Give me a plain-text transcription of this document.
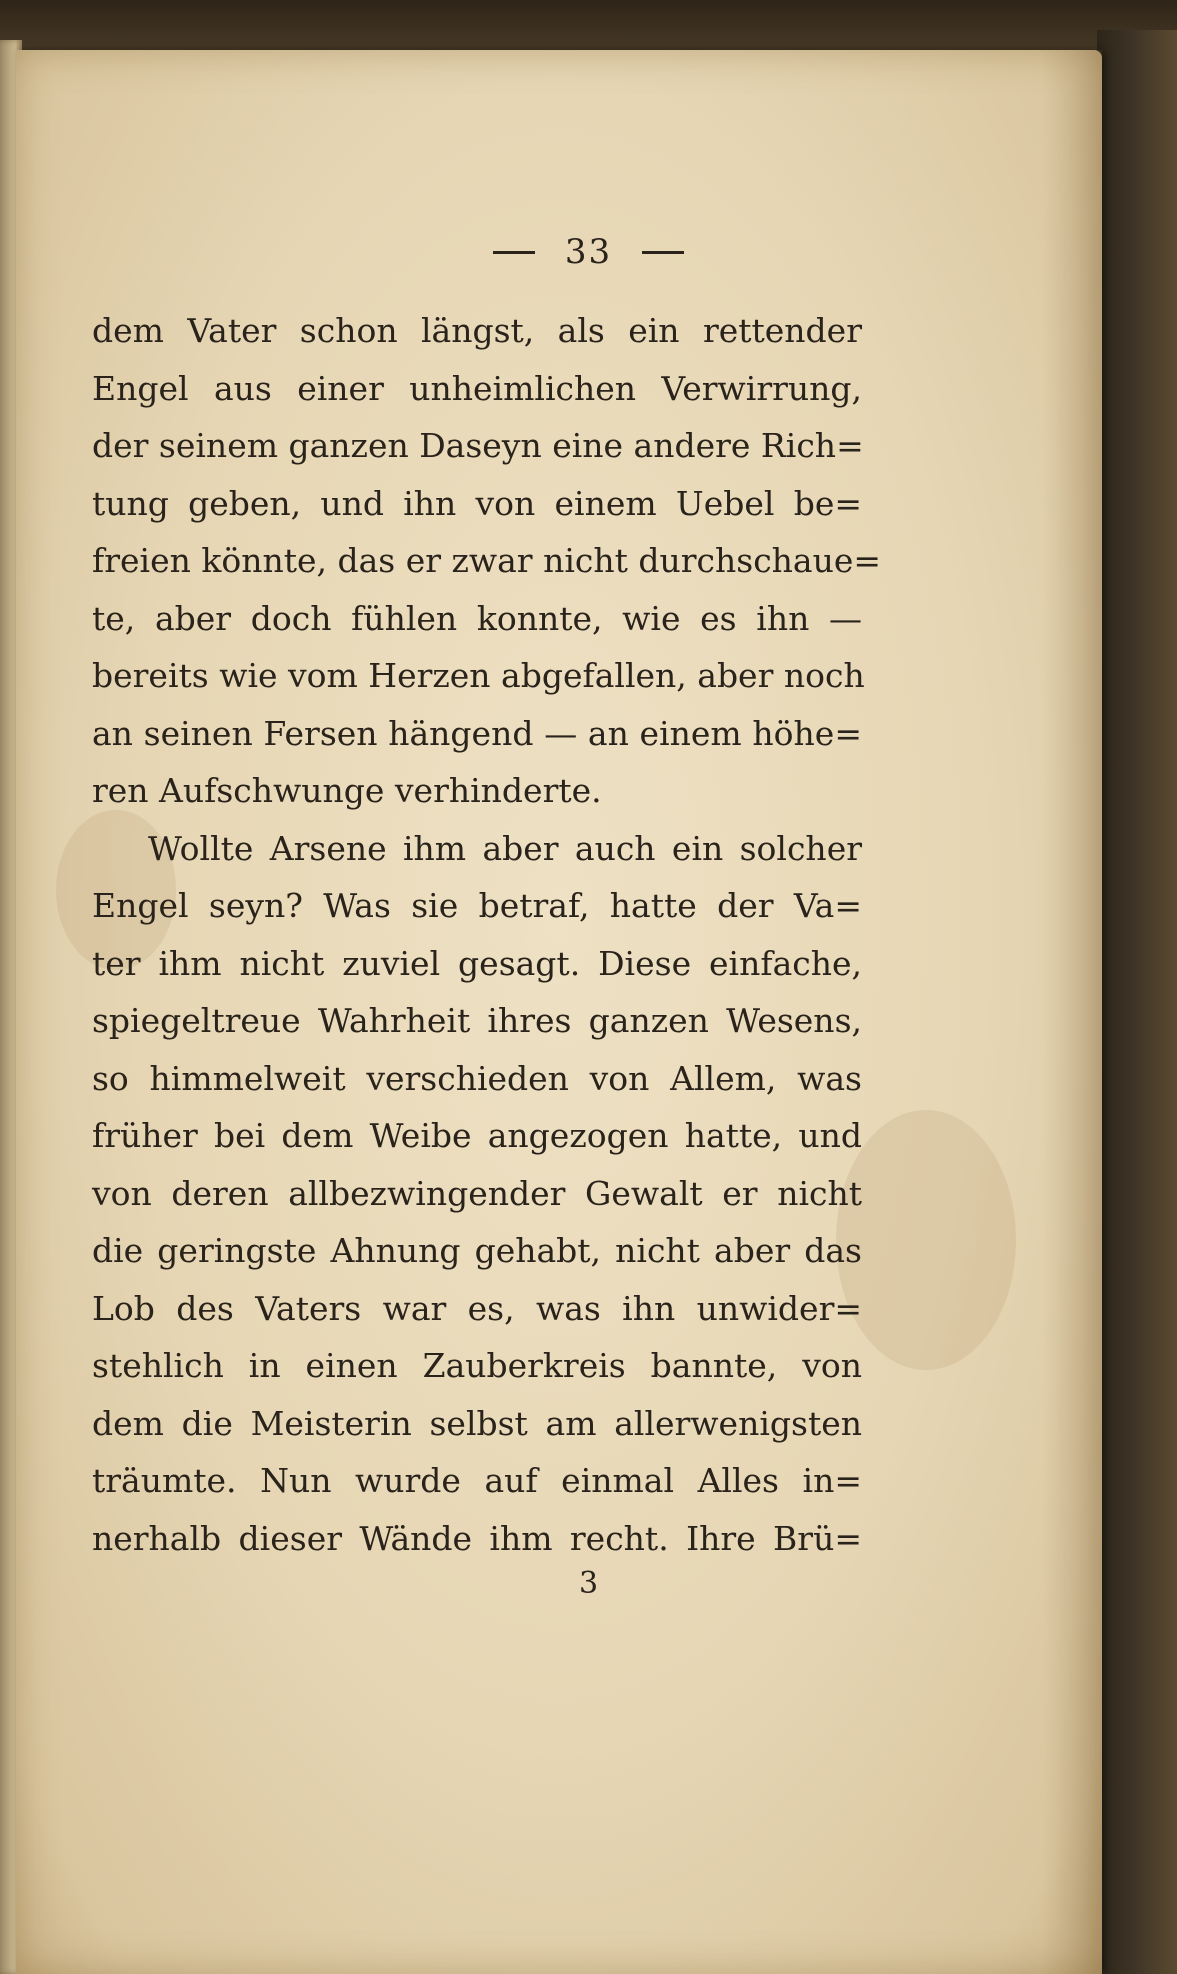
33
dem Vater schon längst, als ein rettender
Engel aus einer unheimlichen Verwirrung,
der seinem ganzen Daseyn eine andere Rich=
tung geben, und ihn von einem Uebel be=
freien könnte, das er zwar nicht durchschaue=
te, aber doch fühlen konnte, wie es ihn —
bereits wie vom Herzen abgefallen, aber noch
an seinen Fersen hängend — an einem höhe=
ren Aufschwunge verhinderte.
Wollte Arsene ihm aber auch ein solcher
Engel seyn? Was sie betraf, hatte der Va=
ter ihm nicht zuviel gesagt. Diese einfache,
spiegeltreue Wahrheit ihres ganzen Wesens,
so himmelweit verschieden von Allem, was
früher bei dem Weibe angezogen hatte, und
von deren allbezwingender Gewalt er nicht
die geringste Ahnung gehabt, nicht aber das
Lob des Vaters war es, was ihn unwider=
stehlich in einen Zauberkreis bannte, von
dem die Meisterin selbst am allerwenigsten
träumte. Nun wurde auf einmal Alles in=
nerhalb dieser Wände ihm recht. Ihre Brü=
3
